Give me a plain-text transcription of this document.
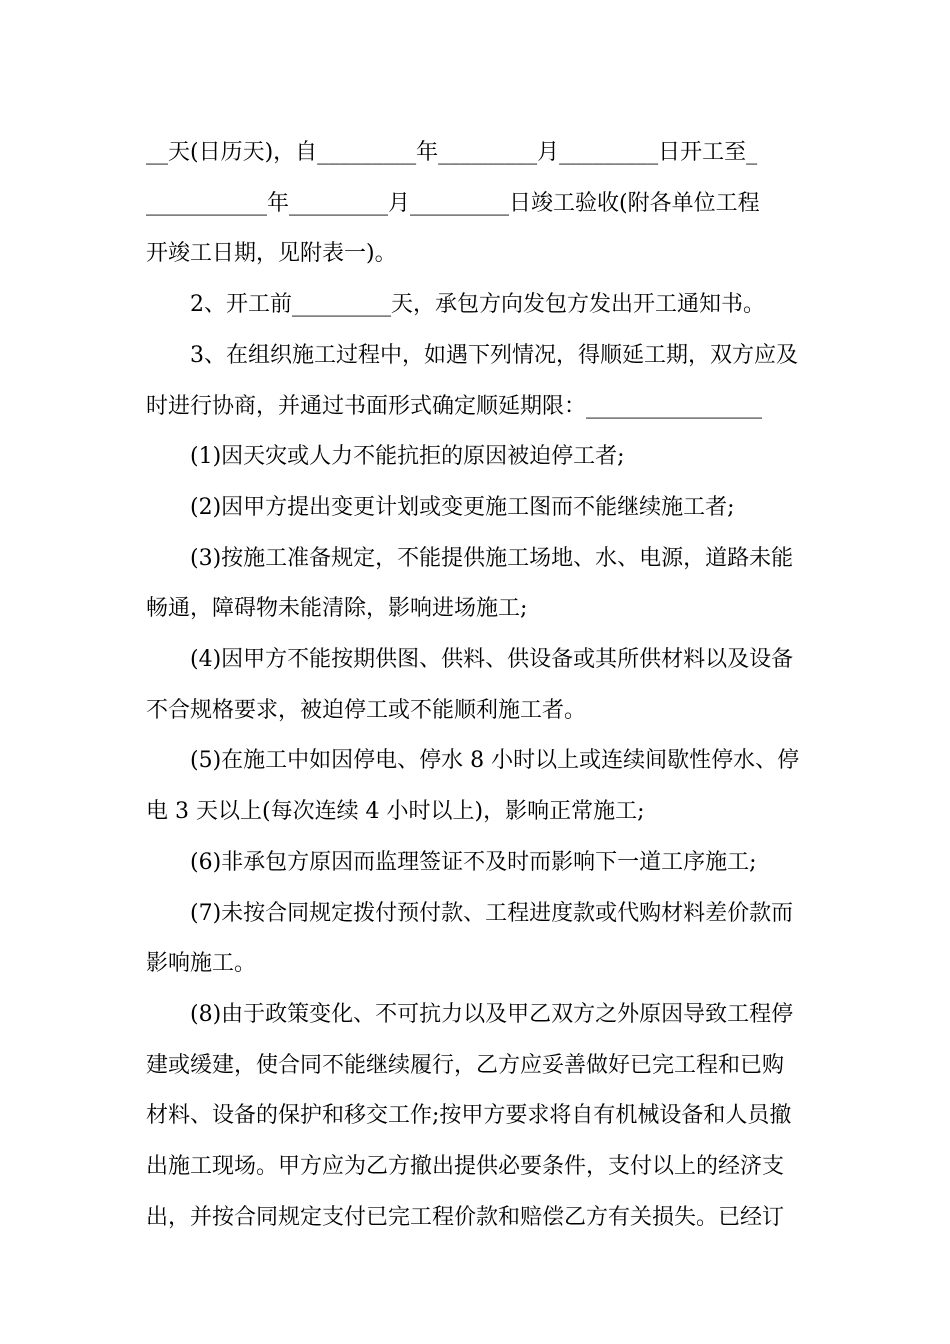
__天(日历天)，自_________年_________月_________日开工至_
___________年_________月_________日竣工验收(附各单位工程
开竣工日期，见附表一)。

2、开工前_________天，承包方向发包方发出开工通知书。

3、在组织施工过程中，如遇下列情况，得顺延工期，双方应及
时进行协商，并通过书面形式确定顺延期限：________________

(1)因天灾或人力不能抗拒的原因被迫停工者;

(2)因甲方提出变更计划或变更施工图而不能继续施工者;

(3)按施工准备规定，不能提供施工场地、水、电源，道路未能
畅通，障碍物未能清除，影响进场施工;

(4)因甲方不能按期供图、供料、供设备或其所供材料以及设备
不合规格要求，被迫停工或不能顺利施工者。

(5)在施工中如因停电、停水 8 小时以上或连续间歇性停水、停
电 3 天以上(每次连续 4 小时以上)，影响正常施工;

(6)非承包方原因而监理签证不及时而影响下一道工序施工;

(7)未按合同规定拨付预付款、工程进度款或代购材料差价款而
影响施工。

(8)由于政策变化、不可抗力以及甲乙双方之外原因导致工程停
建或缓建，使合同不能继续履行，乙方应妥善做好已完工程和已购
材料、设备的保护和移交工作;按甲方要求将自有机械设备和人员撤
出施工现场。甲方应为乙方撤出提供必要条件，支付以上的经济支
出，并按合同规定支付已完工程价款和赔偿乙方有关损失。已经订
